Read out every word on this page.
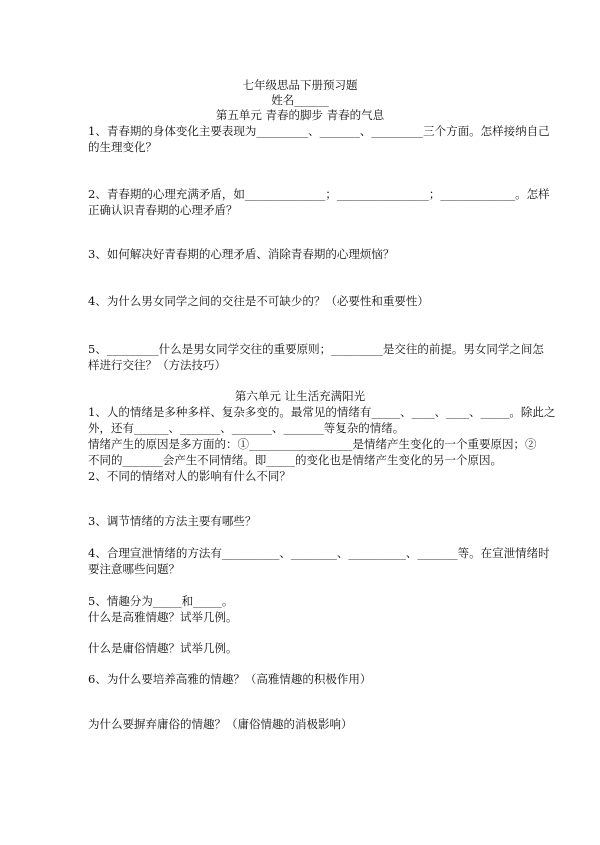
七年级思品下册预习题
姓名______
第五单元 青春的脚步 青春的气息
1、青春期的身体变化主要表现为_________、_______、_________三个方面。怎样接纳自己
的生理变化？
2、青春期的心理充满矛盾，如______________；________________；_____________。怎样
正确认识青春期的心理矛盾？
3、如何解决好青春期的心理矛盾、消除青春期的心理烦恼？
4、为什么男女同学之间的交往是不可缺少的？（必要性和重要性）
5、_________什么是男女同学交往的重要原则；_________是交往的前提。男女同学之间怎
样进行交往？（方法技巧）
第六单元 让生活充满阳光
1、人的情绪是多种多样、复杂多变的。最常见的情绪有_____、____、____、_____。除此之
外，还有______、_______、_______、_______等复杂的情绪。
情绪产生的原因是多方面的：①__________________是情绪产生变化的一个重要原因；②
不同的_______会产生不同情绪。即_____的变化也是情绪产生变化的另一个原因。
2、不同的情绪对人的影响有什么不同？
3、调节情绪的方法主要有哪些？
4、合理宣泄情绪的方法有__________、________、__________、_______等。在宣泄情绪时
要注意哪些问题？
5、情趣分为_____和_____。
什么是高雅情趣？试举几例。
什么是庸俗情趣？试举几例。
6、为什么要培养高雅的情趣？（高雅情趣的积极作用）
为什么要摒弃庸俗的情趣？（庸俗情趣的消极影响）
